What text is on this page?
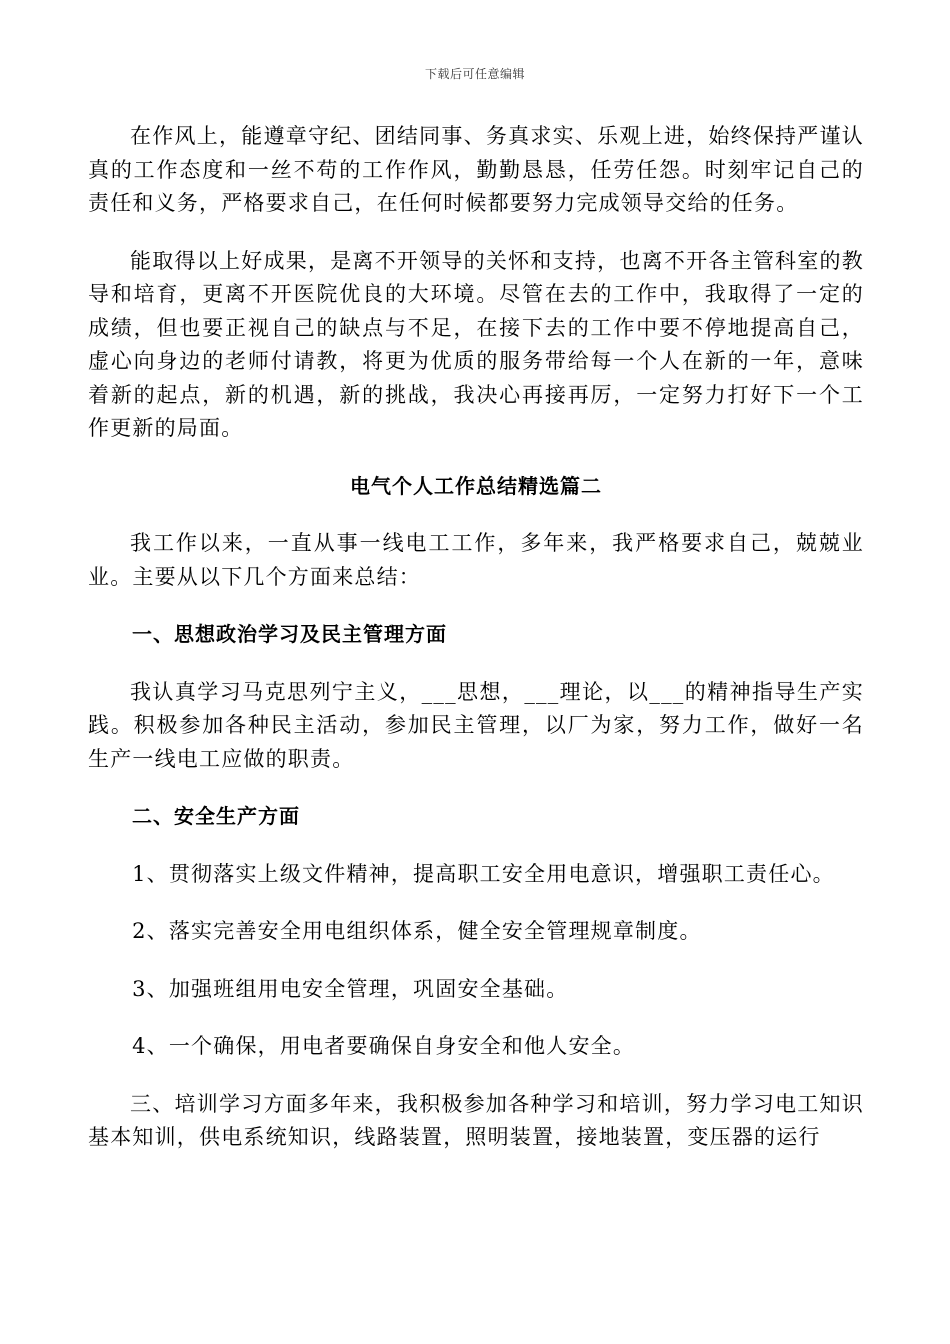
下载后可任意编辑

在作风上，能遵章守纪、团结同事、务真求实、乐观上进，始终保持严谨认真的工作态度和一丝不苟的工作作风，勤勤恳恳，任劳任怨。时刻牢记自己的责任和义务，严格要求自己，在任何时候都要努力完成领导交给的任务。

能取得以上好成果，是离不开领导的关怀和支持，也离不开各主管科室的教导和培育，更离不开医院优良的大环境。尽管在去的工作中，我取得了一定的成绩，但也要正视自己的缺点与不足，在接下去的工作中要不停地提高自己，虚心向身边的老师付请教，将更为优质的服务带给每一个人在新的一年，意味着新的起点，新的机遇，新的挑战，我决心再接再厉，一定努力打好下一个工作更新的局面。

电气个人工作总结精选篇二

我工作以来，一直从事一线电工工作，多年来，我严格要求自己，兢兢业业。主要从以下几个方面来总结：

一、思想政治学习及民主管理方面

我认真学习马克思列宁主义，___思想，___理论，以___的精神指导生产实践。积极参加各种民主活动，参加民主管理，以厂为家，努力工作，做好一名生产一线电工应做的职责。

二、安全生产方面

1、贯彻落实上级文件精神，提高职工安全用电意识，增强职工责任心。

2、落实完善安全用电组织体系，健全安全管理规章制度。

3、加强班组用电安全管理，巩固安全基础。

4、一个确保，用电者要确保自身安全和他人安全。

三、培训学习方面多年来，我积极参加各种学习和培训，努力学习电工知识基本知训，供电系统知识，线路装置，照明装置，接地装置，变压器的运行
